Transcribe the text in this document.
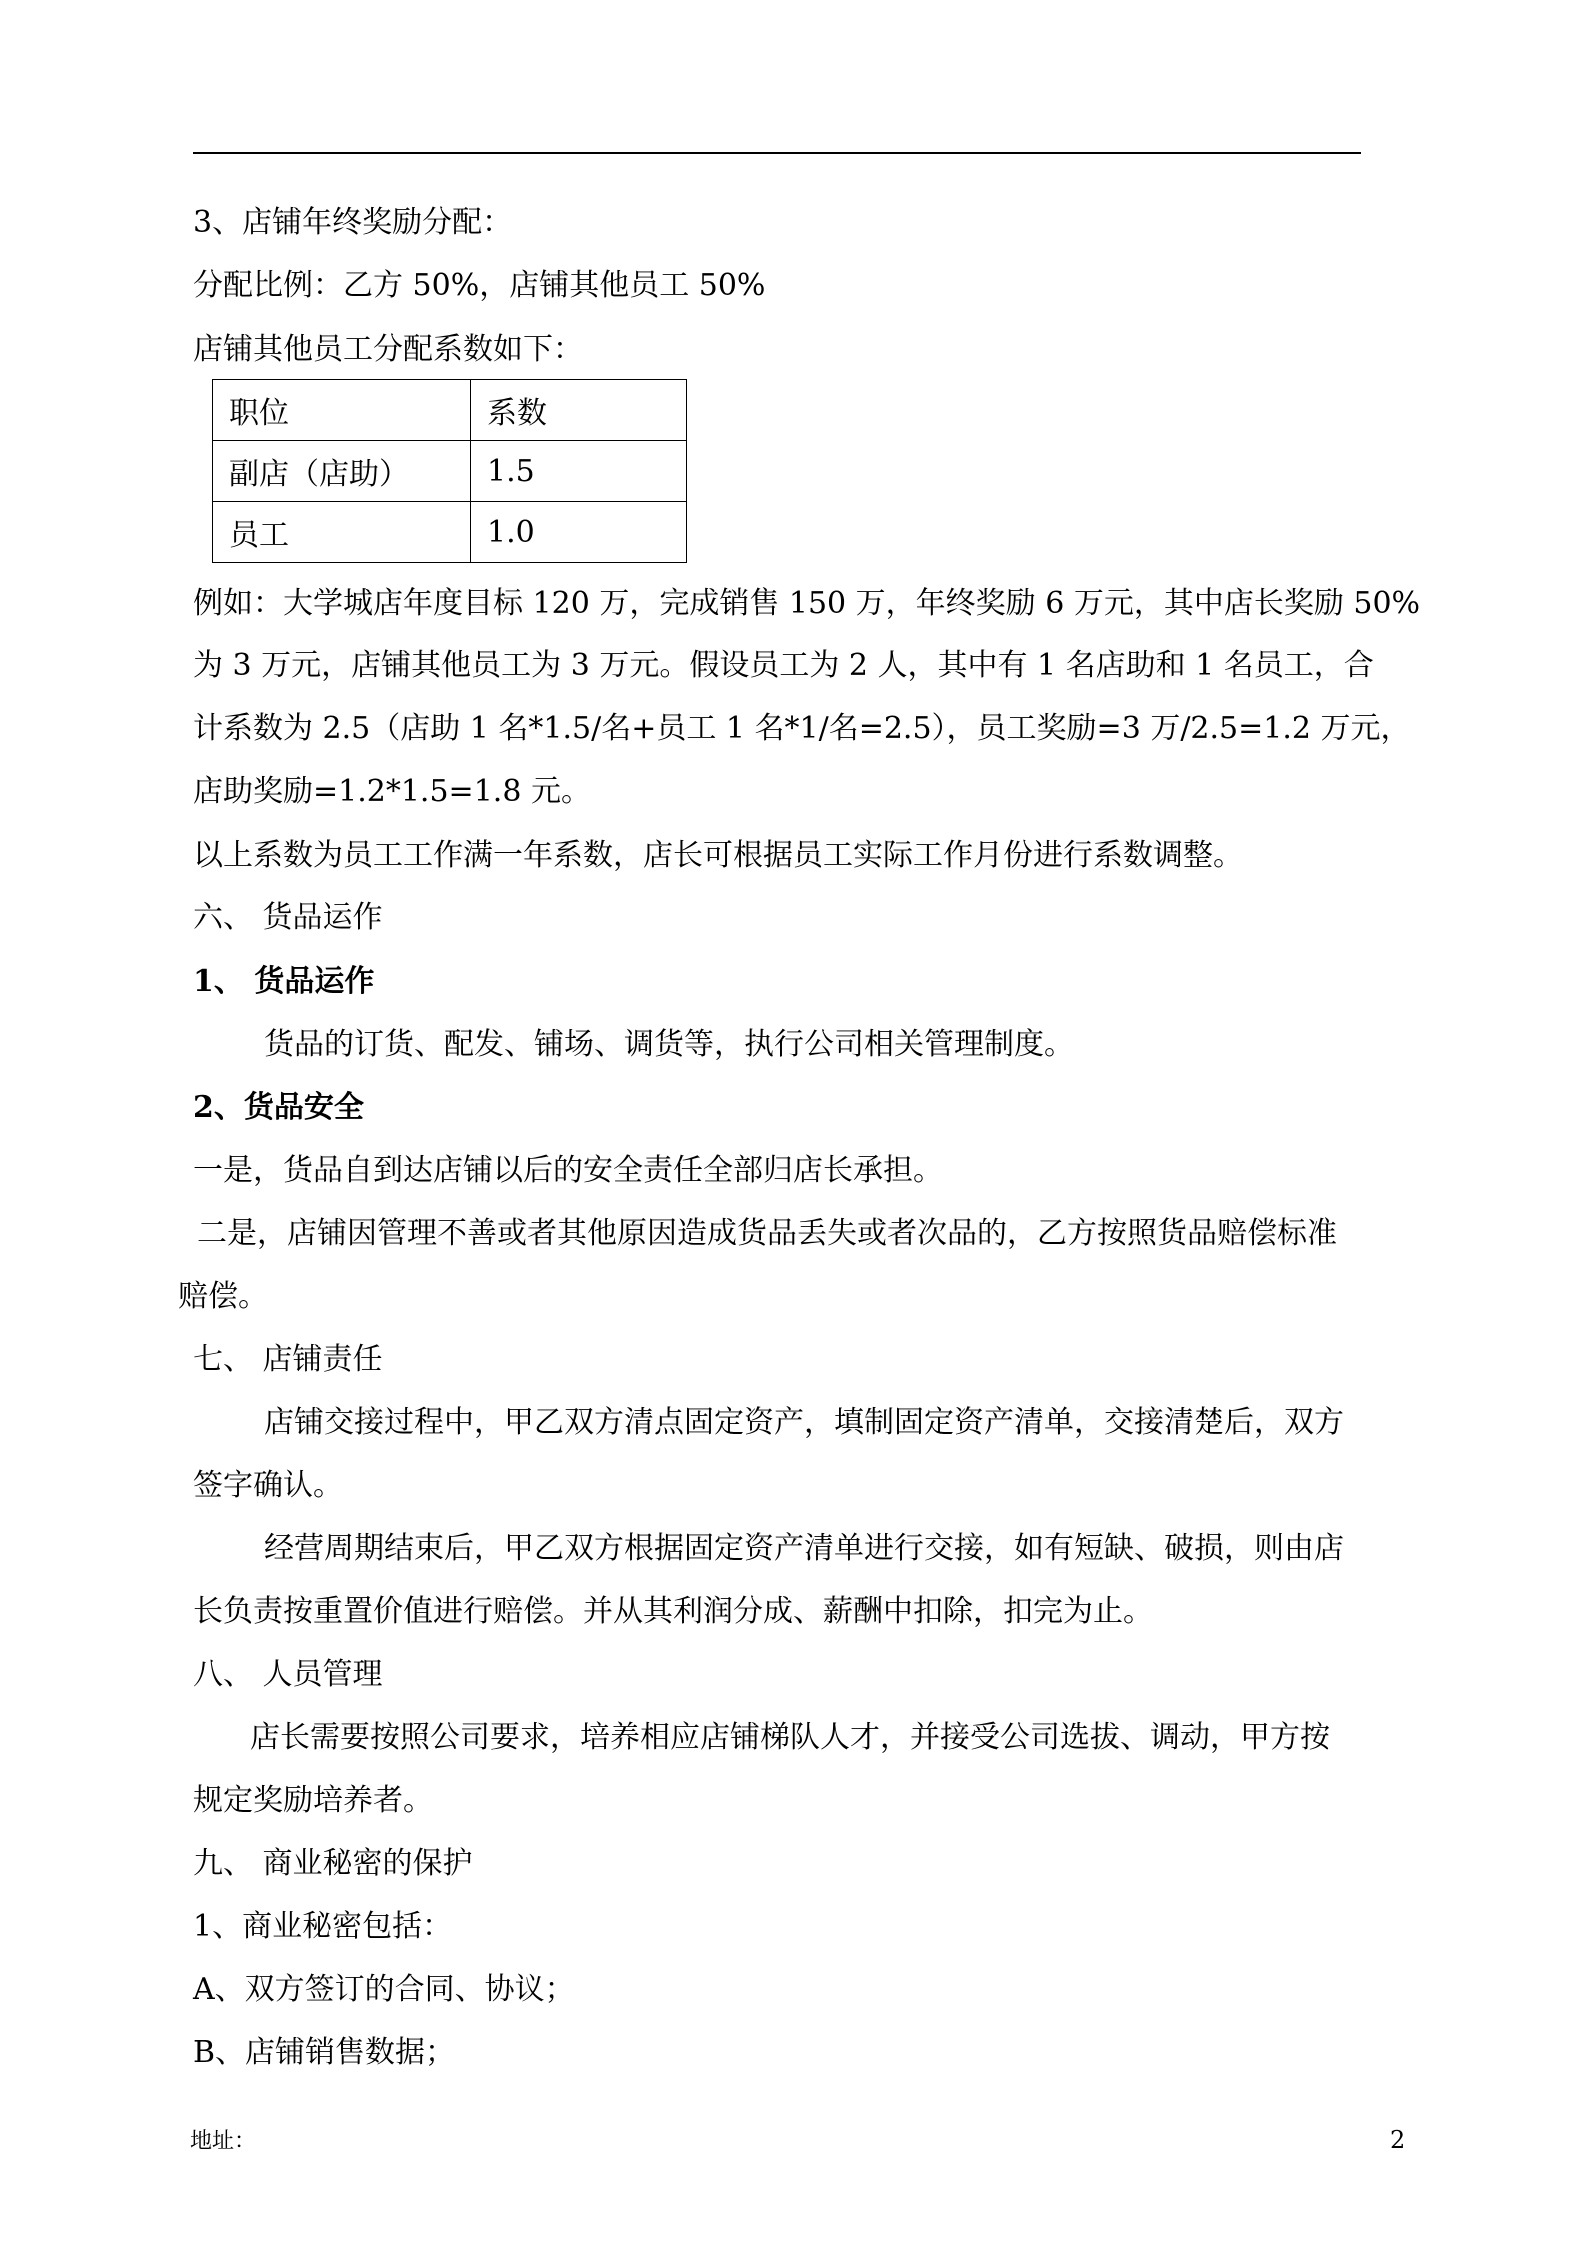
3、店铺年终奖励分配：

分配比例：乙方 50%，店铺其他员工 50%

店铺其他员工分配系数如下：

职位	系数
副店（店助）	1.5
员工	1.0

例如：大学城店年度目标 120 万，完成销售 150 万，年终奖励 6 万元，其中店长奖励 50%

为 3 万元，店铺其他员工为 3 万元。假设员工为 2 人，其中有 1 名店助和 1 名员工，合

计系数为 2.5（店助 1 名*1.5/名+员工 1 名*1/名=2.5），员工奖励=3 万/2.5=1.2 万元，

店助奖励=1.2*1.5=1.8 元。

以上系数为员工工作满一年系数，店长可根据员工实际工作月份进行系数调整。

六、 货品运作

1、 货品运作

货品的订货、配发、铺场、调货等，执行公司相关管理制度。

2、货品安全

一是，货品自到达店铺以后的安全责任全部归店长承担。

二是，店铺因管理不善或者其他原因造成货品丢失或者次品的，乙方按照货品赔偿标准

赔偿。

七、 店铺责任

店铺交接过程中，甲乙双方清点固定资产，填制固定资产清单，交接清楚后，双方

签字确认。

经营周期结束后，甲乙双方根据固定资产清单进行交接，如有短缺、破损，则由店

长负责按重置价值进行赔偿。并从其利润分成、薪酬中扣除，扣完为止。

八、 人员管理

店长需要按照公司要求，培养相应店铺梯队人才，并接受公司选拔、调动，甲方按

规定奖励培养者。

九、 商业秘密的保护

1、商业秘密包括：

A、双方签订的合同、协议；

B、店铺销售数据；

地址：	2
